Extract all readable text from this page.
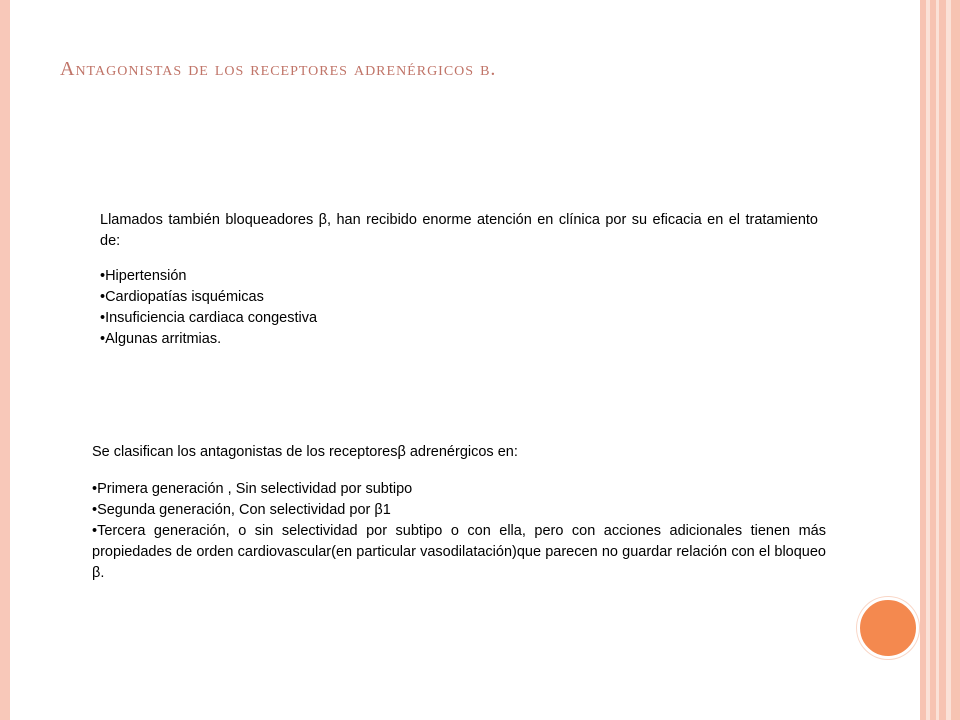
Antagonistas de los receptores adrenérgicos b.

Llamados también bloqueadores β, han recibido enorme atención en clínica por su eficacia en el tratamiento de:

•Hipertensión
•Cardiopatías isquémicas
•Insuficiencia cardiaca congestiva
•Algunas arritmias.

Se clasifican los antagonistas de los receptoresβ adrenérgicos en:

•Primera generación , Sin selectividad por subtipo
•Segunda generación, Con selectividad por β1
•Tercera generación, o sin selectividad por subtipo o con ella, pero con acciones adicionales tienen más propiedades de orden cardiovascular(en particular vasodilatación)que parecen no guardar relación con el bloqueo β.
